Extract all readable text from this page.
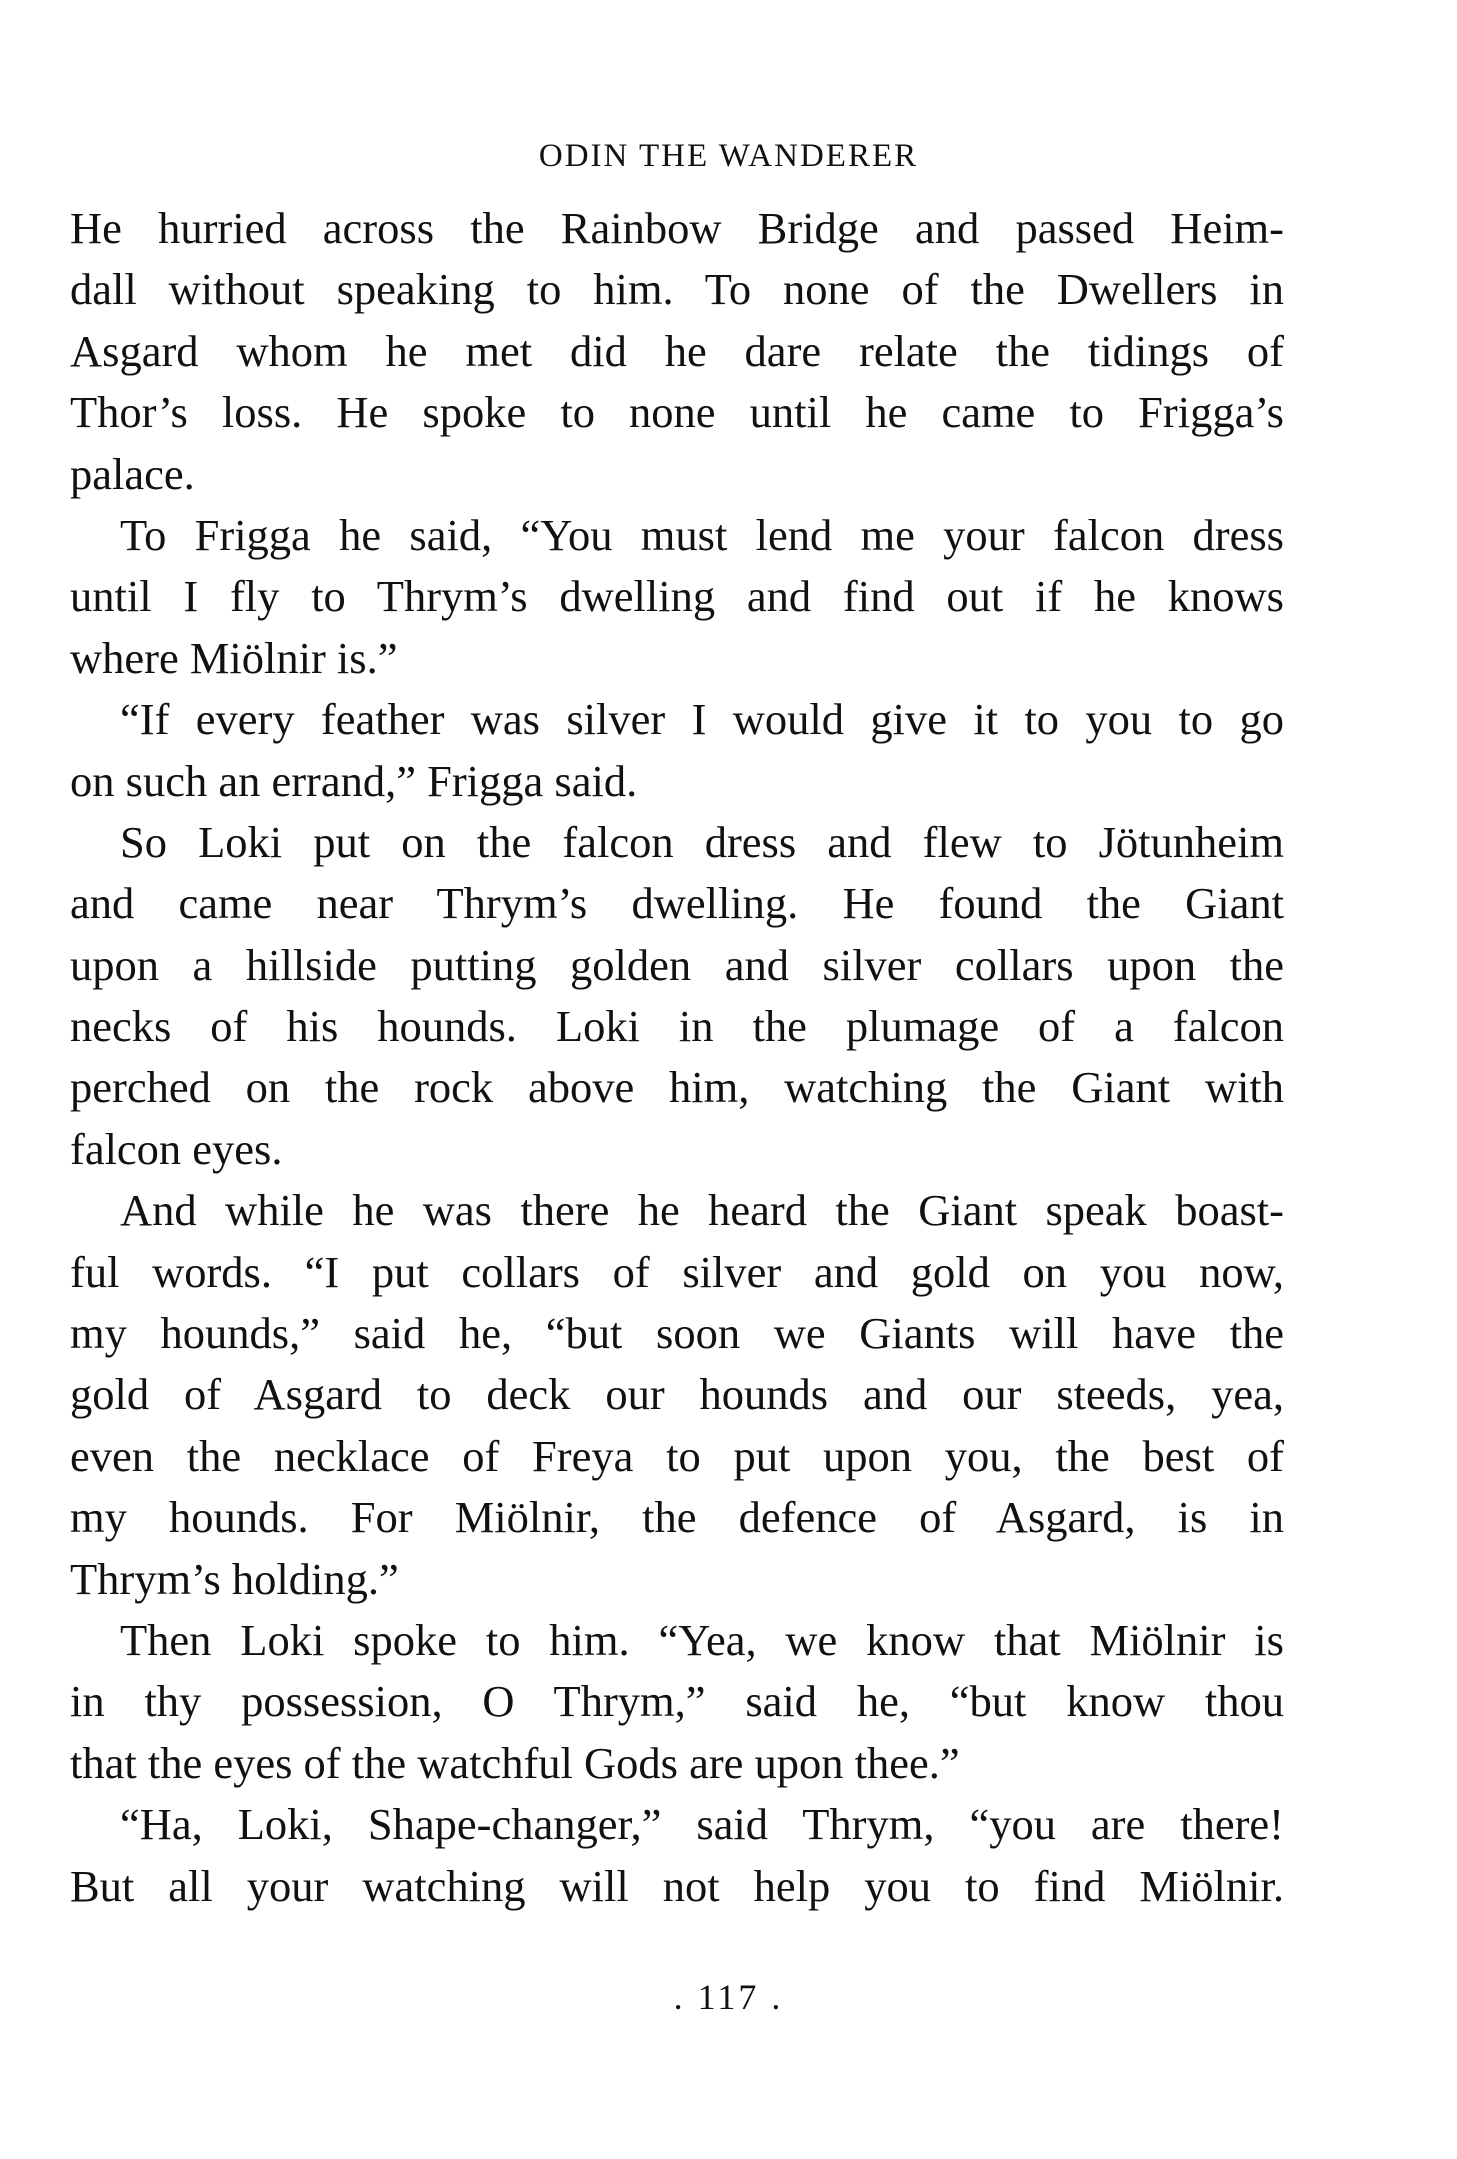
ODIN THE WANDERER

He hurried across the Rainbow Bridge and passed Heim-
dall without speaking to him. To none of the Dwellers in
Asgard whom he met did he dare relate the tidings of
Thor’s loss. He spoke to none until he came to Frigga’s
palace.

To Frigga he said, “You must lend me your falcon dress
until I fly to Thrym’s dwelling and find out if he knows
where Miölnir is.”

“If every feather was silver I would give it to you to go
on such an errand,” Frigga said.

So Loki put on the falcon dress and flew to Jötunheim
and came near Thrym’s dwelling. He found the Giant
upon a hillside putting golden and silver collars upon the
necks of his hounds. Loki in the plumage of a falcon
perched on the rock above him, watching the Giant with
falcon eyes.

And while he was there he heard the Giant speak boast-
ful words. “I put collars of silver and gold on you now,
my hounds,” said he, “but soon we Giants will have the
gold of Asgard to deck our hounds and our steeds, yea,
even the necklace of Freya to put upon you, the best of
my hounds. For Miölnir, the defence of Asgard, is in
Thrym’s holding.”

Then Loki spoke to him. “Yea, we know that Miölnir is
in thy possession, O Thrym,” said he, “but know thou
that the eyes of the watchful Gods are upon thee.”

“Ha, Loki, Shape-changer,” said Thrym, “you are there!
But all your watching will not help you to find Miölnir.

. 117 .
